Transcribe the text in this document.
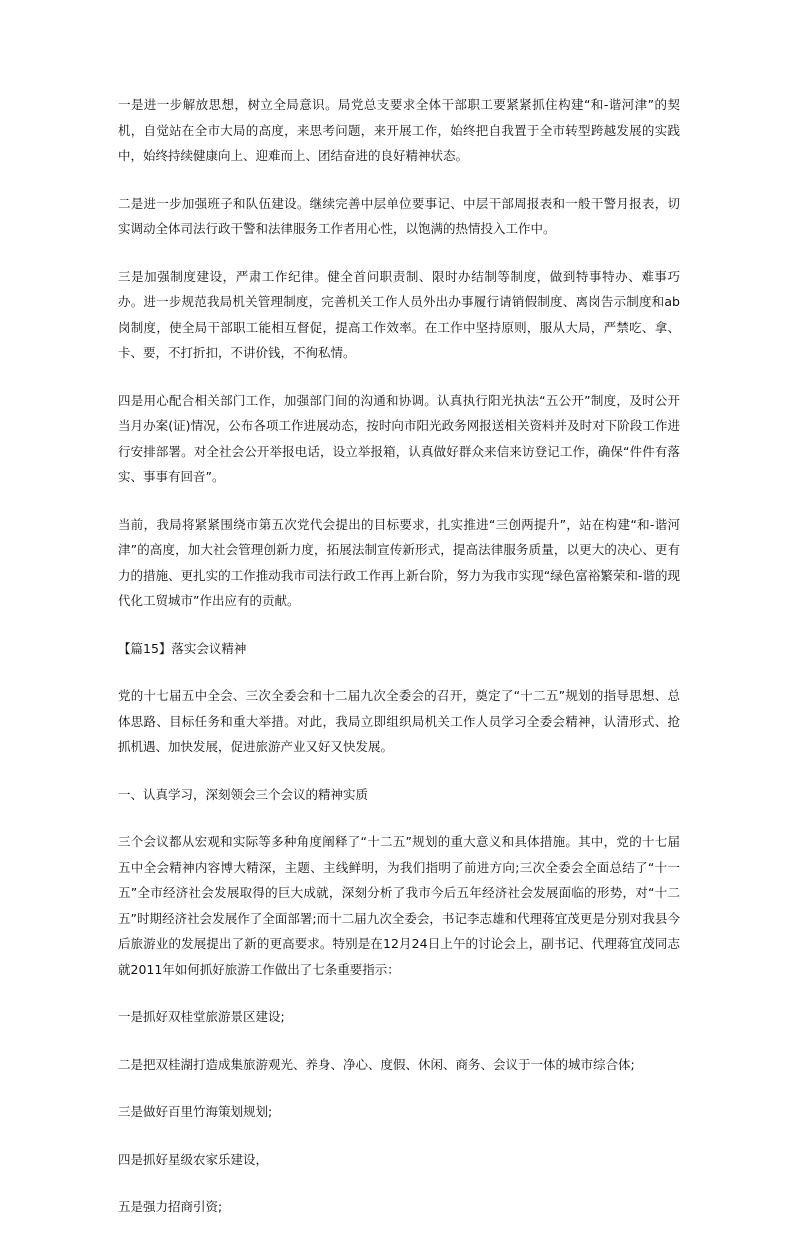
一是进一步解放思想，树立全局意识。局党总支要求全体干部职工要紧紧抓住构建“和-谐河津”的契机，自觉站在全市大局的高度，来思考问题，来开展工作，始终把自我置于全市转型跨越发展的实践中，始终持续健康向上、迎难而上、团结奋进的良好精神状态。

二是进一步加强班子和队伍建设。继续完善中层单位要事记、中层干部周报表和一般干警月报表，切实调动全体司法行政干警和法律服务工作者用心性，以饱满的热情投入工作中。

三是加强制度建设，严肃工作纪律。健全首问职责制、限时办结制等制度，做到特事特办、难事巧办。进一步规范我局机关管理制度，完善机关工作人员外出办事履行请销假制度、离岗告示制度和ab岗制度，使全局干部职工能相互督促，提高工作效率。在工作中坚持原则，服从大局，严禁吃、拿、卡、要，不打折扣，不讲价钱，不徇私情。

四是用心配合相关部门工作，加强部门间的沟通和协调。认真执行阳光执法“五公开”制度，及时公开当月办案(证)情况，公布各项工作进展动态，按时向市阳光政务网报送相关资料并及时对下阶段工作进行安排部署。对全社会公开举报电话，设立举报箱，认真做好群众来信来访登记工作，确保“件件有落实、事事有回音”。

当前，我局将紧紧围绕市第五次党代会提出的目标要求，扎实推进“三创两提升”，站在构建“和-谐河津”的高度，加大社会管理创新力度，拓展法制宣传新形式，提高法律服务质量，以更大的决心、更有力的措施、更扎实的工作推动我市司法行政工作再上新台阶，努力为我市实现“绿色富裕繁荣和-谐的现代化工贸城市”作出应有的贡献。

【篇15】落实会议精神

党的十七届五中全会、三次全委会和十二届九次全委会的召开，奠定了“十二五”规划的指导思想、总体思路、目标任务和重大举措。对此，我局立即组织局机关工作人员学习全委会精神，认清形式、抢抓机遇、加快发展，促进旅游产业又好又快发展。

一、认真学习，深刻领会三个会议的精神实质

三个会议都从宏观和实际等多种角度阐释了“十二五”规划的重大意义和具体措施。其中，党的十七届五中全会精神内容博大精深，主题、主线鲜明，为我们指明了前进方向;三次全委会全面总结了“十一五”全市经济社会发展取得的巨大成就，深刻分析了我市今后五年经济社会发展面临的形势，对“十二五”时期经济社会发展作了全面部署;而十二届九次全委会，书记李志雄和代理蒋宜茂更是分别对我县今后旅游业的发展提出了新的更高要求。特别是在12月24日上午的讨论会上，副书记、代理蒋宜茂同志就2011年如何抓好旅游工作做出了七条重要指示：

一是抓好双桂堂旅游景区建设;

二是把双桂湖打造成集旅游观光、养身、净心、度假、休闲、商务、会议于一体的城市综合体;

三是做好百里竹海策划规划;

四是抓好星级农家乐建设，

五是强力招商引资;
